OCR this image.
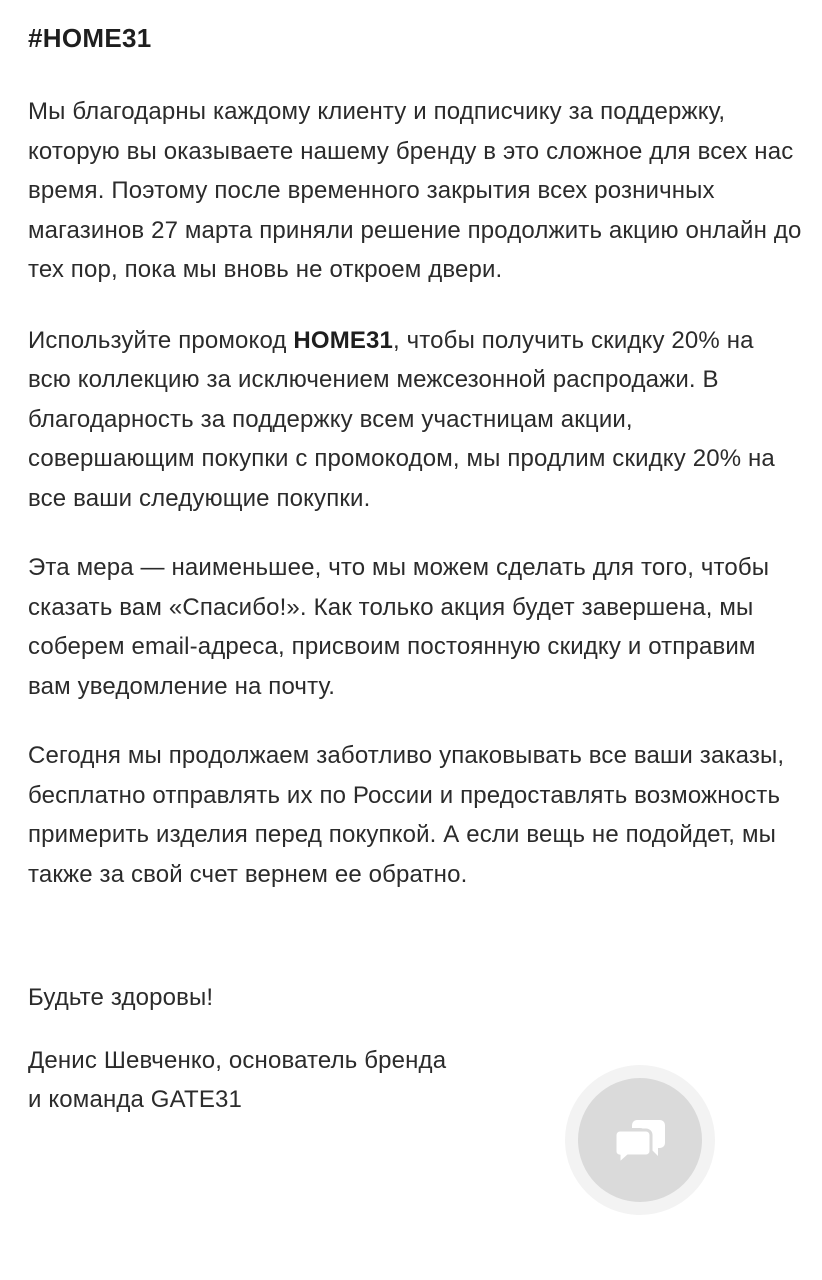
#HOME31

Мы благодарны каждому клиенту и подписчику за поддержку, которую вы оказываете нашему бренду в это сложное для всех нас время. Поэтому после временного закрытия всех розничных магазинов 27 марта приняли решение продолжить акцию онлайн до тех пор, пока мы вновь не откроем двери.

Используйте промокод HOME31, чтобы получить скидку 20% на всю коллекцию за исключением межсезонной распродажи. В благодарность за поддержку всем участницам акции, совершающим покупки с промокодом, мы продлим скидку 20% на все ваши следующие покупки.

Эта мера — наименьшее, что мы можем сделать для того, чтобы сказать вам «Спасибо!». Как только акция будет завершена, мы соберем email-адреса, присвоим постоянную скидку и отправим вам уведомление на почту.

Сегодня мы продолжаем заботливо упаковывать все ваши заказы, бесплатно отправлять их по России и предоставлять возможность примерить изделия перед покупкой. А если вещь не подойдет, мы также за свой счет вернем ее обратно.

Будьте здоровы!

Денис Шевченко, основатель бренда
и команда GATE31
